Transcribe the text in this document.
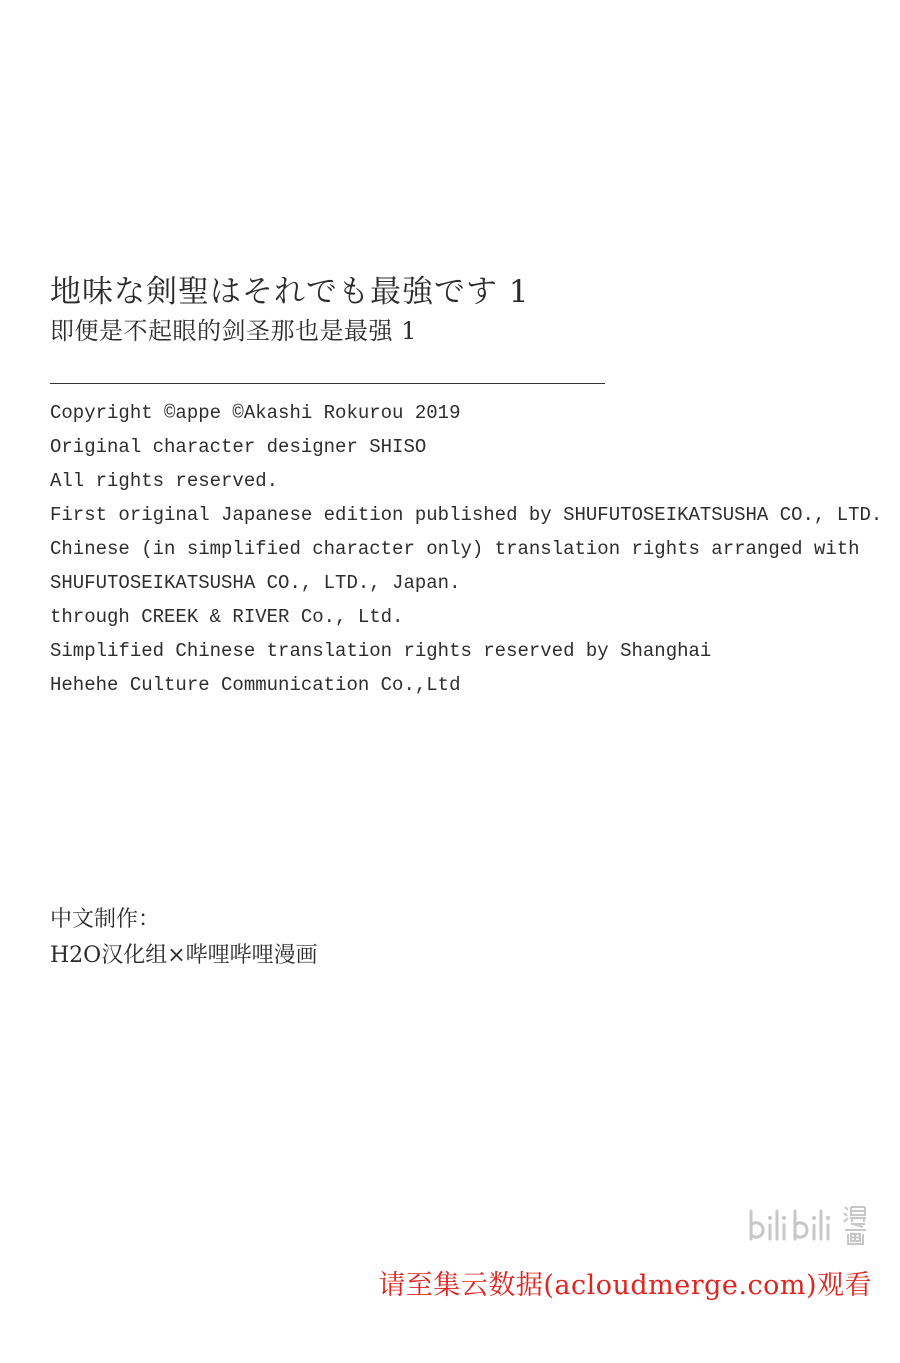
地味な剣聖はそれでも最強です 1
即便是不起眼的剑圣那也是最强 1
Copyright ©appe ©Akashi Rokurou 2019
Original character designer SHISO
All rights reserved.
First original Japanese edition published by SHUFUTOSEIKATSUSHA CO., LTD.
Chinese (in simplified character only) translation rights arranged with
SHUFUTOSEIKATSUSHA CO., LTD., Japan.
through CREEK & RIVER Co., Ltd.
Simplified Chinese translation rights reserved by Shanghai
Hehehe Culture Communication Co.,Ltd
中文制作：
H2O汉化组×哔哩哔哩漫画
请至集云数据(acloudmerge.com)观看
